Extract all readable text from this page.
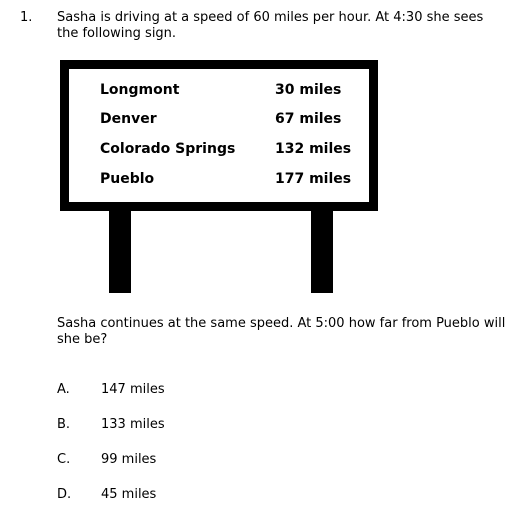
1. Sasha is driving at a speed of 60 miles per hour. At 4:30 she sees the following sign.
Longmont	30 miles
Denver	67 miles
Colorado Springs	132 miles
Pueblo	177 miles
Sasha continues at the same speed. At 5:00 how far from Pueblo will she be?
A. 147 miles
B. 133 miles
C. 99 miles
D. 45 miles
